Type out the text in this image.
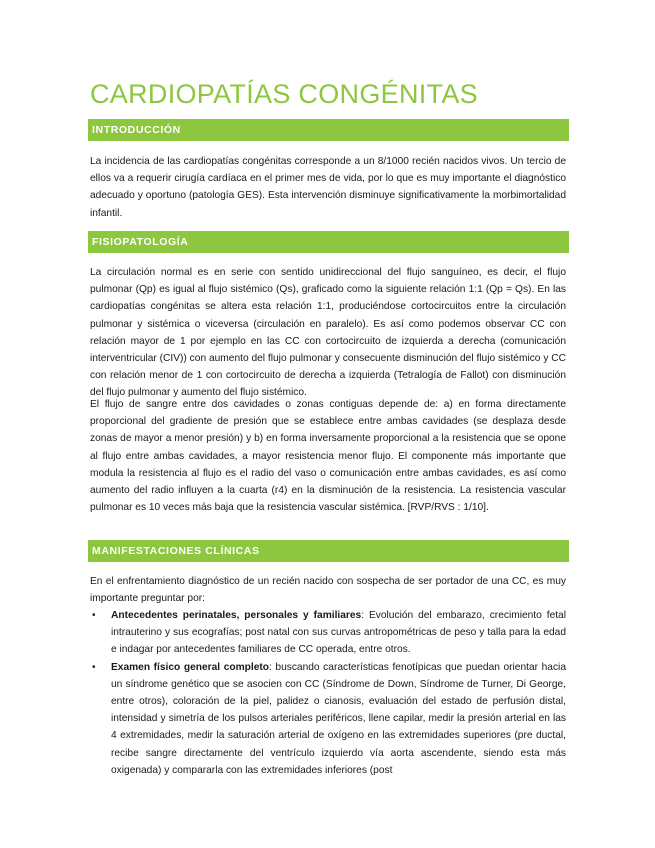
CARDIOPATÍAS CONGÉNITAS
INTRODUCCIÓN

La incidencia de las cardiopatías congénitas corresponde a un 8/1000 recién nacidos vivos. Un tercio de ellos va a requerir cirugía cardíaca en el primer mes de vida, por lo que es muy importante el diagnóstico adecuado y oportuno (patología GES). Esta intervención disminuye significativamente la morbimortalidad infantil.

FISIOPATOLOGÍA

La circulación normal es en serie con sentido unidireccional del flujo sanguíneo, es decir, el flujo pulmonar (Qp) es igual al flujo sistémico (Qs), graficado como la siguiente relación 1:1 (Qp = Qs). En las cardiopatías congénitas se altera esta relación 1:1, produciéndose cortocircuitos entre la circulación pulmonar y sistémica o viceversa (circulación en paralelo). Es así como podemos observar CC con relación mayor de 1 por ejemplo en las CC con cortocircuito de izquierda a derecha (comunicación interventricular (CIV)) con aumento del flujo pulmonar y consecuente disminución del flujo sistémico y CC con relación menor de 1 con cortocircuito de derecha a izquierda (Tetralogía de Fallot) con disminución del flujo pulmonar y aumento del flujo sistémico.

El flujo de sangre entre dos cavidades o zonas contiguas depende de: a) en forma directamente proporcional del gradiente de presión que se establece entre ambas cavidades (se desplaza desde zonas de mayor a menor presión) y b) en forma inversamente proporcional a la resistencia que se opone al flujo entre ambas cavidades, a mayor resistencia menor flujo. El componente más importante que modula la resistencia al flujo es el radio del vaso o comunicación entre ambas cavidades, es así como aumento del radio influyen a la cuarta (r4) en la disminución de la resistencia. La resistencia vascular pulmonar es 10 veces más baja que la resistencia vascular sistémica. [RVP/RVS : 1/10].

MANIFESTACIONES CLÍNICAS

En el enfrentamiento diagnóstico de un recién nacido con sospecha de ser portador de una CC, es muy importante preguntar por:

• Antecedentes perinatales, personales y familiares: Evolución del embarazo, crecimiento fetal intrauterino y sus ecografías; post natal con sus curvas antropométricas de peso y talla para la edad e indagar por antecedentes familiares de CC operada, entre otros.
• Examen físico general completo: buscando características fenotípicas que puedan orientar hacia un síndrome genético que se asocien con CC (Síndrome de Down, Síndrome de Turner, Di George, entre otros), coloración de la piel, palidez o cianosis, evaluación del estado de perfusión distal, intensidad y simetría de los pulsos arteriales periféricos, llene capilar, medir la presión arterial en las 4 extremidades, medir la saturación arterial de oxígeno en las extremidades superiores (pre ductal, recibe sangre directamente del ventrículo izquierdo vía aorta ascendente, siendo esta más oxigenada) y compararla con las extremidades inferiores (post
